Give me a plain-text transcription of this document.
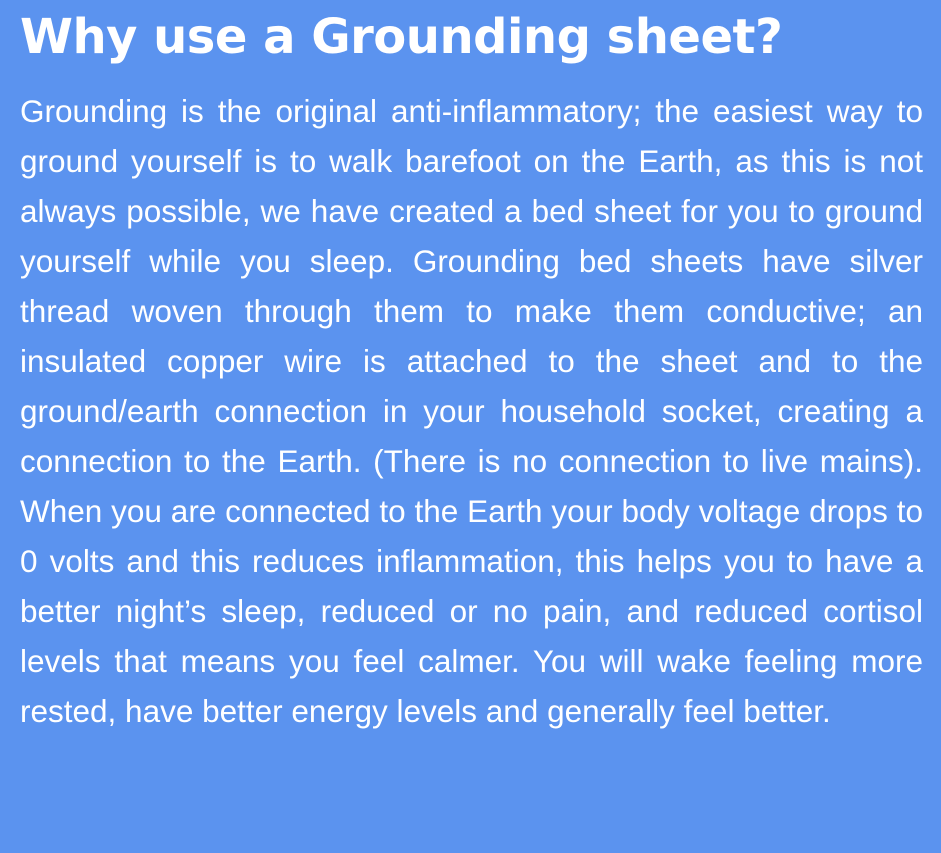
Why use a Grounding sheet?

Grounding is the original anti-inflammatory; the easiest way to ground yourself is to walk barefoot on the Earth, as this is not always possible, we have created a bed sheet for you to ground yourself while you sleep. Grounding bed sheets have silver thread woven through them to make them conductive; an insulated copper wire is attached to the sheet and to the ground/earth connection in your household socket, creating a connection to the Earth. (There is no connection to live mains). When you are connected to the Earth your body voltage drops to 0 volts and this reduces inflammation, this helps you to have a better night’s sleep, reduced or no pain, and reduced cortisol levels that means you feel calmer. You will wake feeling more rested, have better energy levels and generally feel better.
